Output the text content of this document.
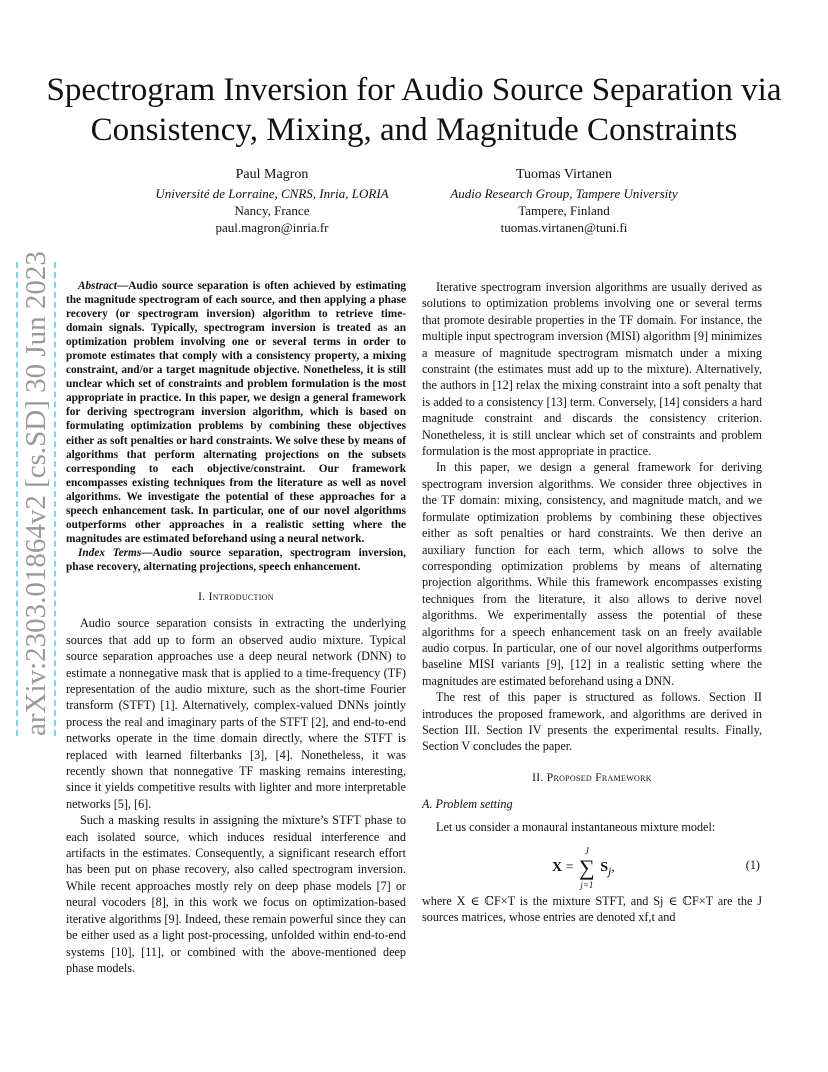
arXiv:2303.01864v2 [cs.SD] 30 Jun 2023
Spectrogram Inversion for Audio Source Separation via Consistency, Mixing, and Magnitude Constraints
Paul Magron
Université de Lorraine, CNRS, Inria, LORIA
Nancy, France
paul.magron@inria.fr
Tuomas Virtanen
Audio Research Group, Tampere University
Tampere, Finland
tuomas.virtanen@tuni.fi

Abstract—Audio source separation is often achieved by estimating the magnitude spectrogram of each source, and then applying a phase recovery (or spectrogram inversion) algorithm to retrieve time-domain signals. Typically, spectrogram inversion is treated as an optimization problem involving one or several terms in order to promote estimates that comply with a consistency property, a mixing constraint, and/or a target magnitude objective. Nonetheless, it is still unclear which set of constraints and problem formulation is the most appropriate in practice. In this paper, we design a general framework for deriving spectrogram inversion algorithm, which is based on formulating optimization problems by combining these objectives either as soft penalties or hard constraints. We solve these by means of algorithms that perform alternating projections on the subsets corresponding to each objective/constraint. Our framework encompasses existing techniques from the literature as well as novel algorithms. We investigate the potential of these approaches for a speech enhancement task. In particular, one of our novel algorithms outperforms other approaches in a realistic setting where the magnitudes are estimated beforehand using a neural network.

Index Terms—Audio source separation, spectrogram inversion, phase recovery, alternating projections, speech enhancement.

I. Introduction

Audio source separation consists in extracting the underlying sources that add up to form an observed audio mixture. Typical source separation approaches use a deep neural network (DNN) to estimate a nonnegative mask that is applied to a time-frequency (TF) representation of the audio mixture, such as the short-time Fourier transform (STFT) [1]. Alternatively, complex-valued DNNs jointly process the real and imaginary parts of the STFT [2], and end-to-end networks operate in the time domain directly, where the STFT is replaced with learned filterbanks [3], [4]. Nonetheless, it was recently shown that nonnegative TF masking remains interesting, since it yields competitive results with lighter and more interpretable networks [5], [6].

Such a masking results in assigning the mixture’s STFT phase to each isolated source, which induces residual interference and artifacts in the estimates. Consequently, a significant research effort has been put on phase recovery, also called spectrogram inversion. While recent approaches mostly rely on deep phase models [7] or neural vocoders [8], in this work we focus on optimization-based iterative algorithms [9]. Indeed, these remain powerful since they can be either used as a light post-processing, unfolded within end-to-end systems [10], [11], or combined with the above-mentioned deep phase models.

Iterative spectrogram inversion algorithms are usually derived as solutions to optimization problems involving one or several terms that promote desirable properties in the TF domain. For instance, the multiple input spectrogram inversion (MISI) algorithm [9] minimizes a measure of magnitude spectrogram mismatch under a mixing constraint (the estimates must add up to the mixture). Alternatively, the authors in [12] relax the mixing constraint into a soft penalty that is added to a consistency [13] term. Conversely, [14] considers a hard magnitude constraint and discards the consistency criterion. Nonetheless, it is still unclear which set of constraints and problem formulation is the most appropriate in practice.

In this paper, we design a general framework for deriving spectrogram inversion algorithms. We consider three objectives in the TF domain: mixing, consistency, and magnitude match, and we formulate optimization problems by combining these objectives either as soft penalties or hard constraints. We then derive an auxiliary function for each term, which allows to solve the corresponding optimization problems by means of alternating projection algorithms. While this framework encompasses existing techniques from the literature, it also allows to derive novel algorithms. We experimentally assess the potential of these algorithms for a speech enhancement task on an freely available audio corpus. In particular, one of our novel algorithms outperforms baseline MISI variants [9], [12] in a realistic setting where the magnitudes are estimated beforehand using a DNN.

The rest of this paper is structured as follows. Section II introduces the proposed framework, and algorithms are derived in Section III. Section IV presents the experimental results. Finally, Section V concludes the paper.

II. Proposed Framework
A. Problem setting

Let us consider a monaural instantaneous mixture model:

X =
J
∑
j=1
$S_j$,	(1)

where X ∈ ℂF×T is the mixture STFT, and Sj ∈ ℂF×T are the J sources matrices, whose entries are denoted xf,t and
